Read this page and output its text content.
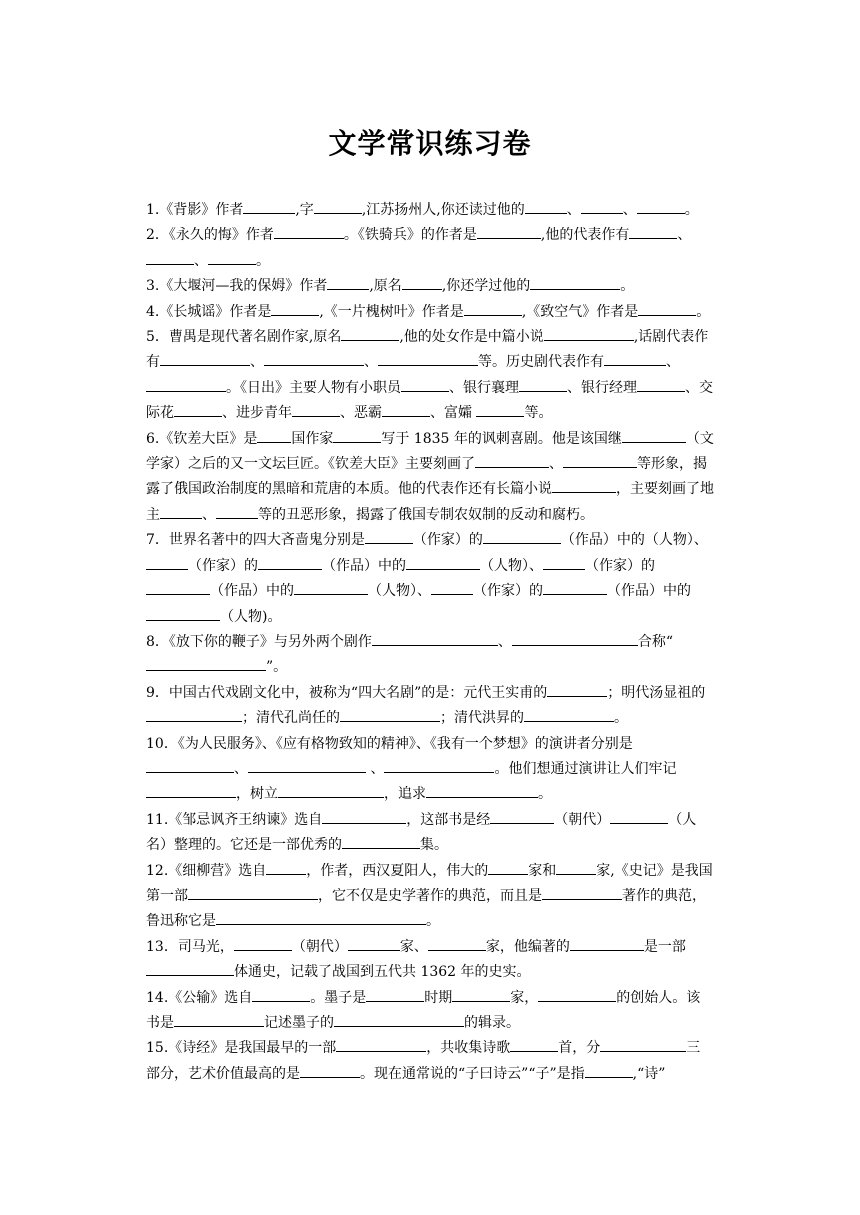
文学常识练习卷

1.《背影》作者	,字	,江苏扬州人,你还读过他的	、	、	。

2．《永久的悔》作者	。《铁骑兵》的作者是	,他的代表作有	、、	。

3.《大堰河—我的保姆》作者	,原名	,你还学过他的	。

4.《长城谣》作者是	,《一片槐树叶》作者是	,《致空气》作者是	。

5．曹禺是现代著名剧作家,原名	,他的处女作是中篇小说	,话剧代表作有	、	、	等。历史剧代表作有	、。《日出》主要人物有小职员	、银行襄理	、银行经理	、交际花	、进步青年	、恶霸	、富孀	等。

6.《钦差大臣》是 国作家	写于 1835 年的讽刺喜剧。他是该国继	（文学家）之后的又一文坛巨匠。《钦差大臣》主要刻画了	、	等形象，揭露了俄国政治制度的黑暗和荒唐的本质。他的代表作还有长篇小说	，主要刻画了地主	、	等的丑恶形象，揭露了俄国专制农奴制的反动和腐朽。

7．世界名著中的四大吝啬鬼分别是	（作家）的	（作品）中的（人物）、（作家）的	（作品）中的	（人物）、	（作家）的（作品）中的	（人物）、	（作家）的	（作品）中的（人物)。

8．《放下你的鞭子》与另外两个剧作	、	合称“”。

9．中国古代戏剧文化中，被称为“四大名剧”的是：元代王实甫的	；明代汤显祖的；清代孔尚任的	；清代洪昇的	。

10．《为人民服务》、《应有格物致知的精神》、《我有一个梦想》的演讲者分别是、	、	。他们想通过演讲让人们牢记，树立	，追求	。

11.《邹忌讽齐王纳谏》选自	，这部书是经	（朝代）	（人名）整理的。它还是一部优秀的	集。

12.《细柳营》选自	，作者，西汉夏阳人，伟大的	家和	家,《史记》是我国第一部	，它不仅是史学著作的典范，而且是	著作的典范，鲁迅称它是	。

13．司马光，	（朝代）	家、	家，他编著的	是一部体通史，记载了战国到五代共 1362 年的史实。

14.《公输》选自	。墨子是	时期	家，	的创始人。该书是	记述墨子的	的辑录。

15.《诗经》是我国最早的一部	，共收集诗歌	首，分	三部分，艺术价值最高的是	。现在通常说的“子曰诗云”“子”是指	,“诗”
